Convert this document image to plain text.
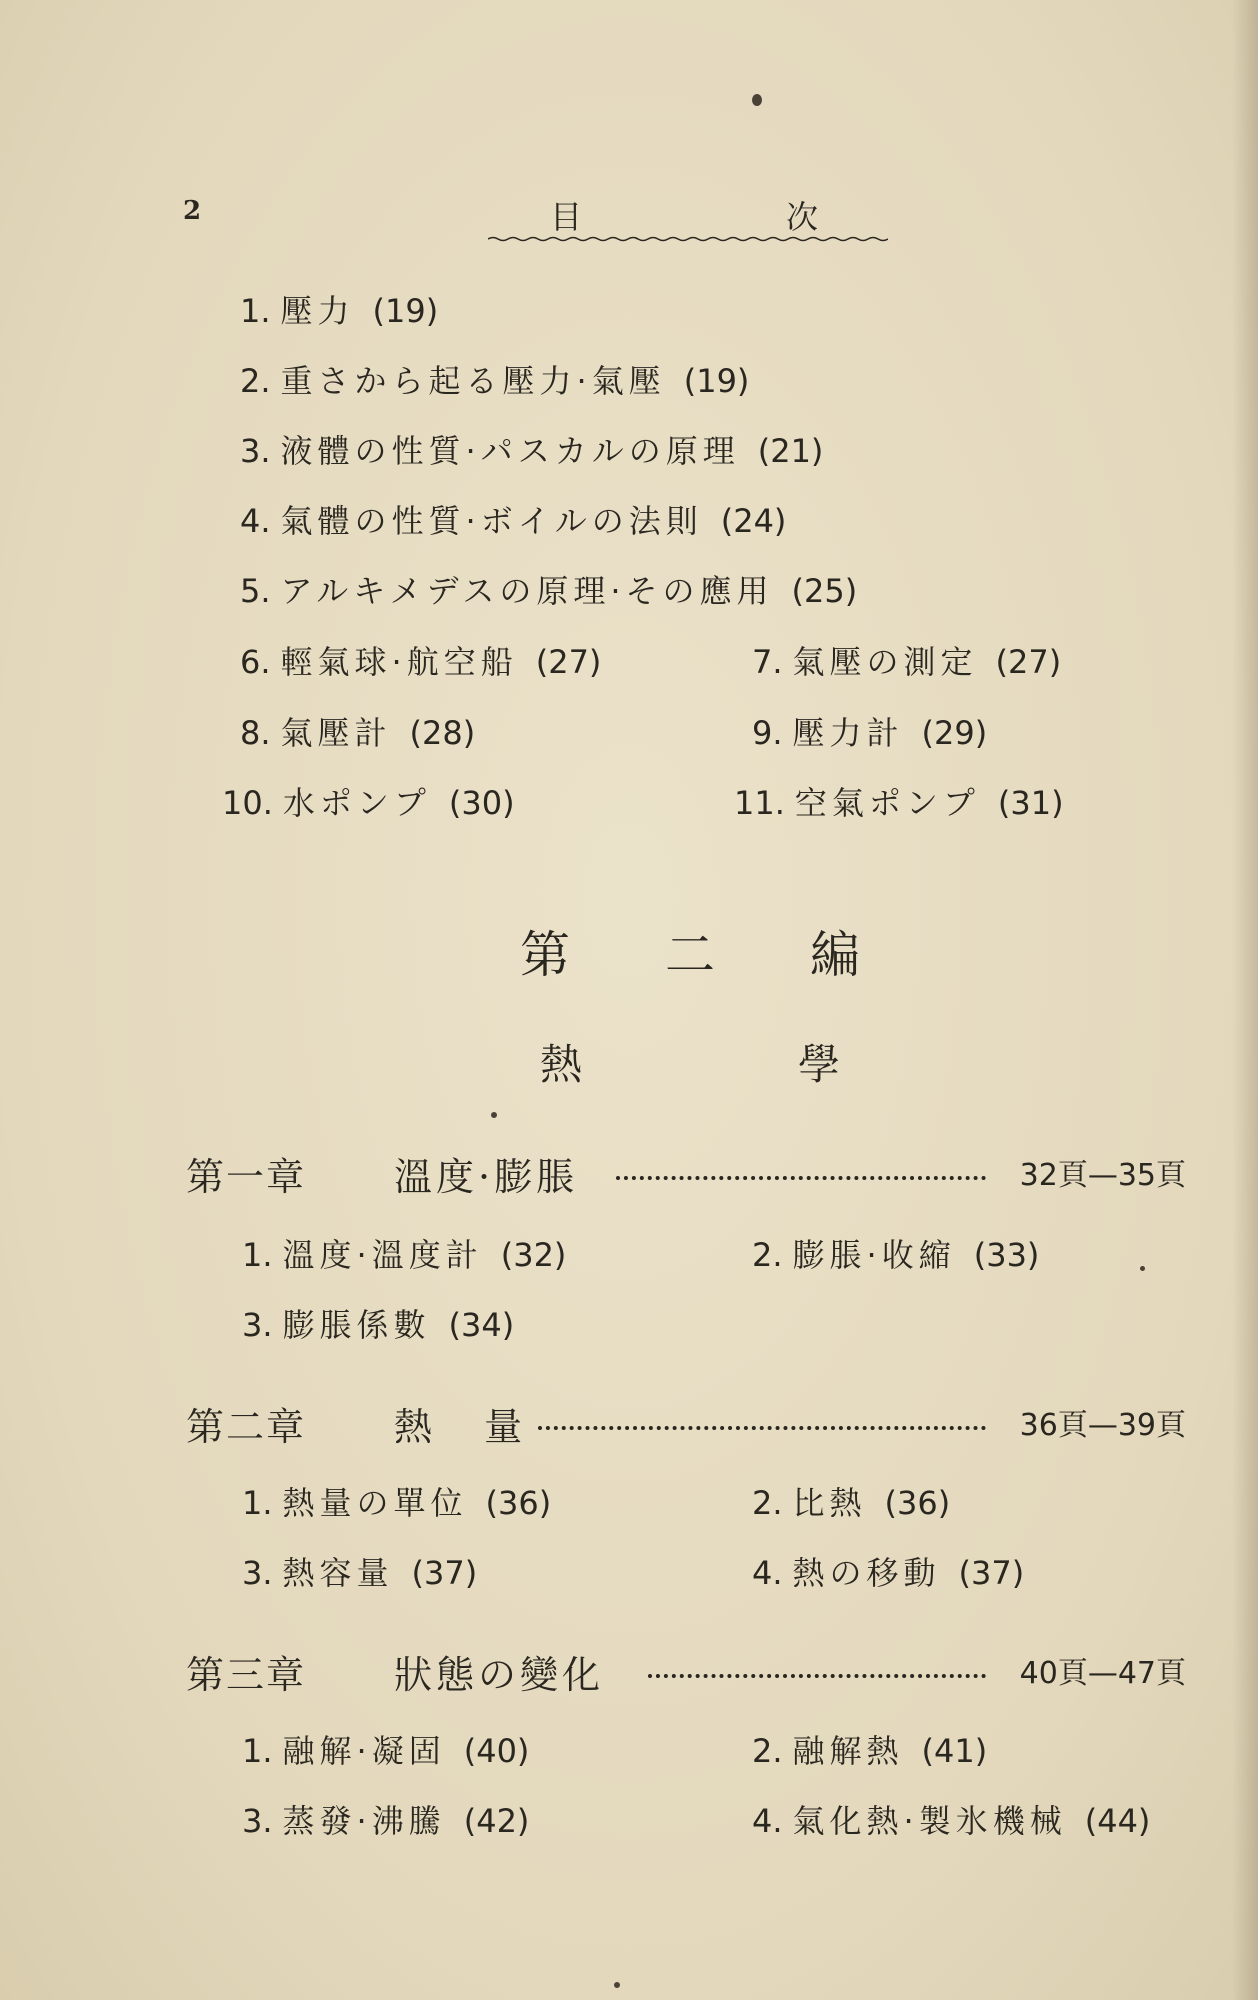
2	目	次
1. 壓力 (19)
2. 重さから起る壓力·氣壓 (19)
3. 液體の性質·パスカルの原理 (21)
4. 氣體の性質·ボイルの法則 (24)
5. アルキメデスの原理·その應用 (25)
6. 輕氣球·航空船 (27)	7. 氣壓の測定 (27)
8. 氣壓計 (28)	9. 壓力計 (29)
10. 水ポンプ (30)	11. 空氣ポンプ (31)
第 二 編
熱	學
第一章 溫度·膨脹	32頁—35頁
1. 溫度·溫度計 (32)	2. 膨脹·收縮 (33)
3. 膨脹係數 (34)
第二章 熱 量	36頁—39頁
1. 熱量の單位 (36)	2. 比熱 (36)
3. 熱容量 (37)	4. 熱の移動 (37)
第三章 狀態の變化	40頁—47頁
1. 融解·凝固 (40)	2. 融解熱 (41)
3. 蒸發·沸騰 (42)	4. 氣化熱·製氷機械 (44)
